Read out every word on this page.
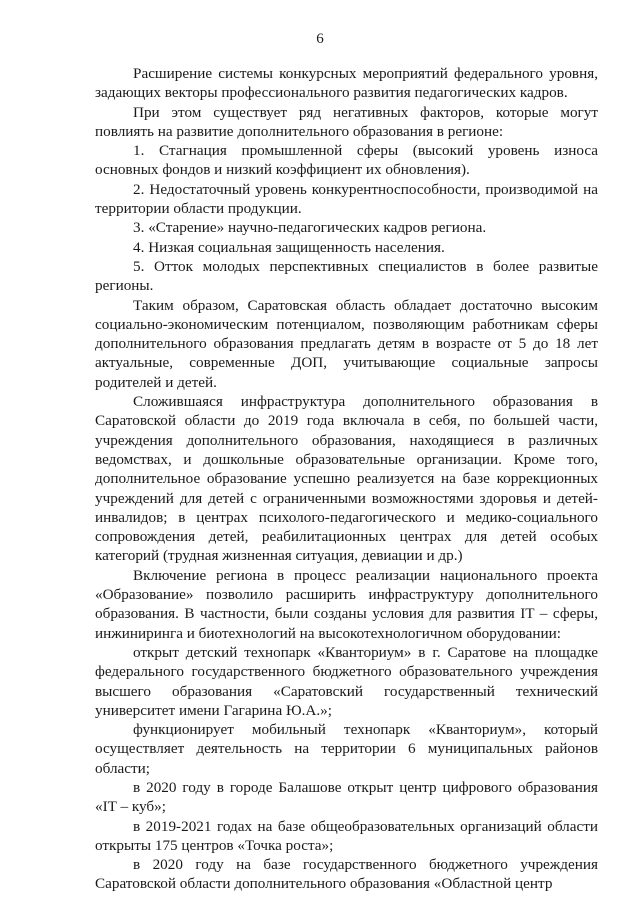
6

Расширение системы конкурсных мероприятий федерального уровня, задающих векторы профессионального развития педагогических кадров.

При этом существует ряд негативных факторов, которые могут повлиять на развитие дополнительного образования в регионе:

1. Стагнация промышленной сферы (высокий уровень износа основных фондов и низкий коэффициент их обновления).

2. Недостаточный уровень конкурентноспособности, производимой на территории области продукции.

3. «Старение» научно-педагогических кадров региона.

4. Низкая социальная защищенность населения.

5. Отток молодых перспективных специалистов в более развитые регионы.

Таким образом, Саратовская область обладает достаточно высоким социально-экономическим потенциалом, позволяющим работникам сферы дополнительного образования предлагать детям в возрасте от 5 до 18 лет актуальные, современные ДОП, учитывающие социальные запросы родителей и детей.

Сложившаяся инфраструктура дополнительного образования в Саратовской области до 2019 года включала в себя, по большей части, учреждения дополнительного образования, находящиеся в различных ведомствах, и дошкольные образовательные организации. Кроме того, дополнительное образование успешно реализуется на базе коррекционных учреждений для детей с ограниченными возможностями здоровья и детей-инвалидов; в центрах психолого-педагогического и медико-социального сопровождения детей, реабилитационных центрах для детей особых категорий (трудная жизненная ситуация, девиации и др.)

Включение региона в процесс реализации национального проекта «Образование» позволило расширить инфраструктуру дополнительного образования. В частности, были созданы условия для развития IT – сферы, инжиниринга и биотехнологий на высокотехнологичном оборудовании:

открыт детский технопарк «Кванториум» в г. Саратове на площадке федерального государственного бюджетного образовательного учреждения высшего образования «Саратовский государственный технический университет имени Гагарина Ю.А.»;

функционирует мобильный технопарк «Кванториум», который осуществляет деятельность на территории 6 муниципальных районов области;

в 2020 году в городе Балашове открыт центр цифрового образования «IT – куб»;

в 2019-2021 годах на базе общеобразовательных организаций области открыты 175 центров «Точка роста»;

в 2020 году на базе государственного бюджетного учреждения Саратовской области дополнительного образования «Областной центр
